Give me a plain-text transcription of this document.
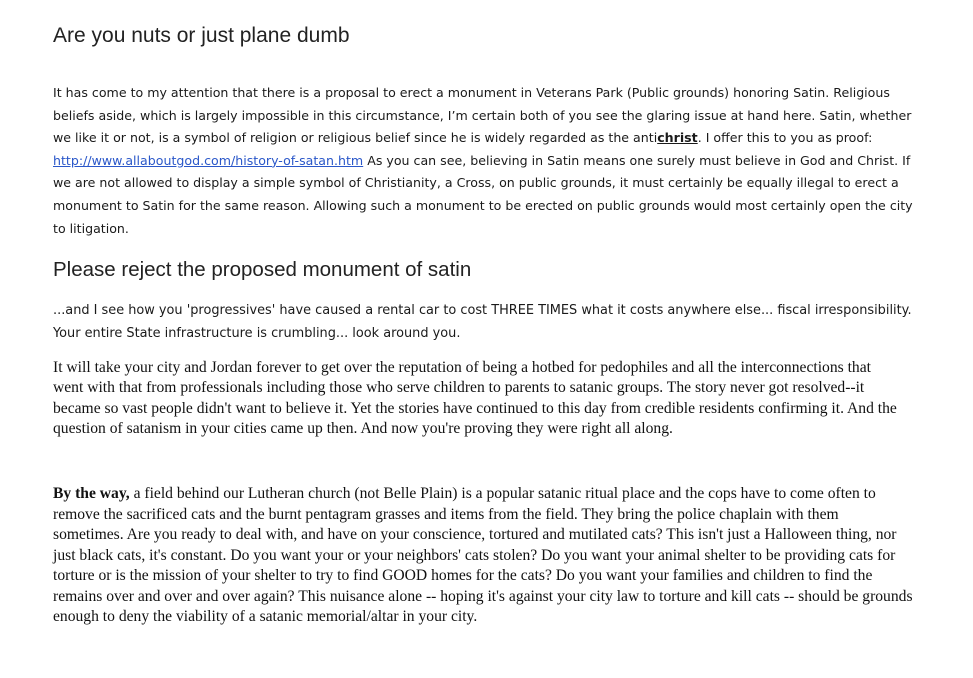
Are you nuts or just plane dumb

It has come to my attention that there is a proposal to erect a monument in Veterans Park (Public grounds) honoring Satin. Religious beliefs aside, which is largely impossible in this circumstance, I’m certain both of you see the glaring issue at hand here. Satin, whether we like it or not, is a symbol of religion or religious belief since he is widely regarded as the antichrist. I offer this to you as proof: http://www.allaboutgod.com/history-of-satan.htm As you can see, believing in Satin means one surely must believe in God and Christ. If we are not allowed to display a simple symbol of Christianity, a Cross, on public grounds, it must certainly be equally illegal to erect a monument to Satin for the same reason. Allowing such a monument to be erected on public grounds would most certainly open the city to litigation.

Please reject the proposed monument of satin

...and I see how you 'progressives' have caused a rental car to cost THREE TIMES what it costs anywhere else... fiscal irresponsibility. Your entire State infrastructure is crumbling... look around you.

It will take your city and Jordan forever to get over the reputation of being a hotbed for pedophiles and all the interconnections that went with that from professionals including those who serve children to parents to satanic groups. The story never got resolved--it became so vast people didn't want to believe it. Yet the stories have continued to this day from credible residents confirming it. And the question of satanism in your cities came up then. And now you're proving they were right all along.

By the way, a field behind our Lutheran church (not Belle Plain) is a popular satanic ritual place and the cops have to come often to remove the sacrificed cats and the burnt pentagram grasses and items from the field. They bring the police chaplain with them sometimes. Are you ready to deal with, and have on your conscience, tortured and mutilated cats? This isn't just a Halloween thing, nor just black cats, it's constant. Do you want your or your neighbors' cats stolen? Do you want your animal shelter to be providing cats for torture or is the mission of your shelter to try to find GOOD homes for the cats? Do you want your families and children to find the remains over and over and over again? This nuisance alone -- hoping it's against your city law to torture and kill cats -- should be grounds enough to deny the viability of a satanic memorial/altar in your city.
